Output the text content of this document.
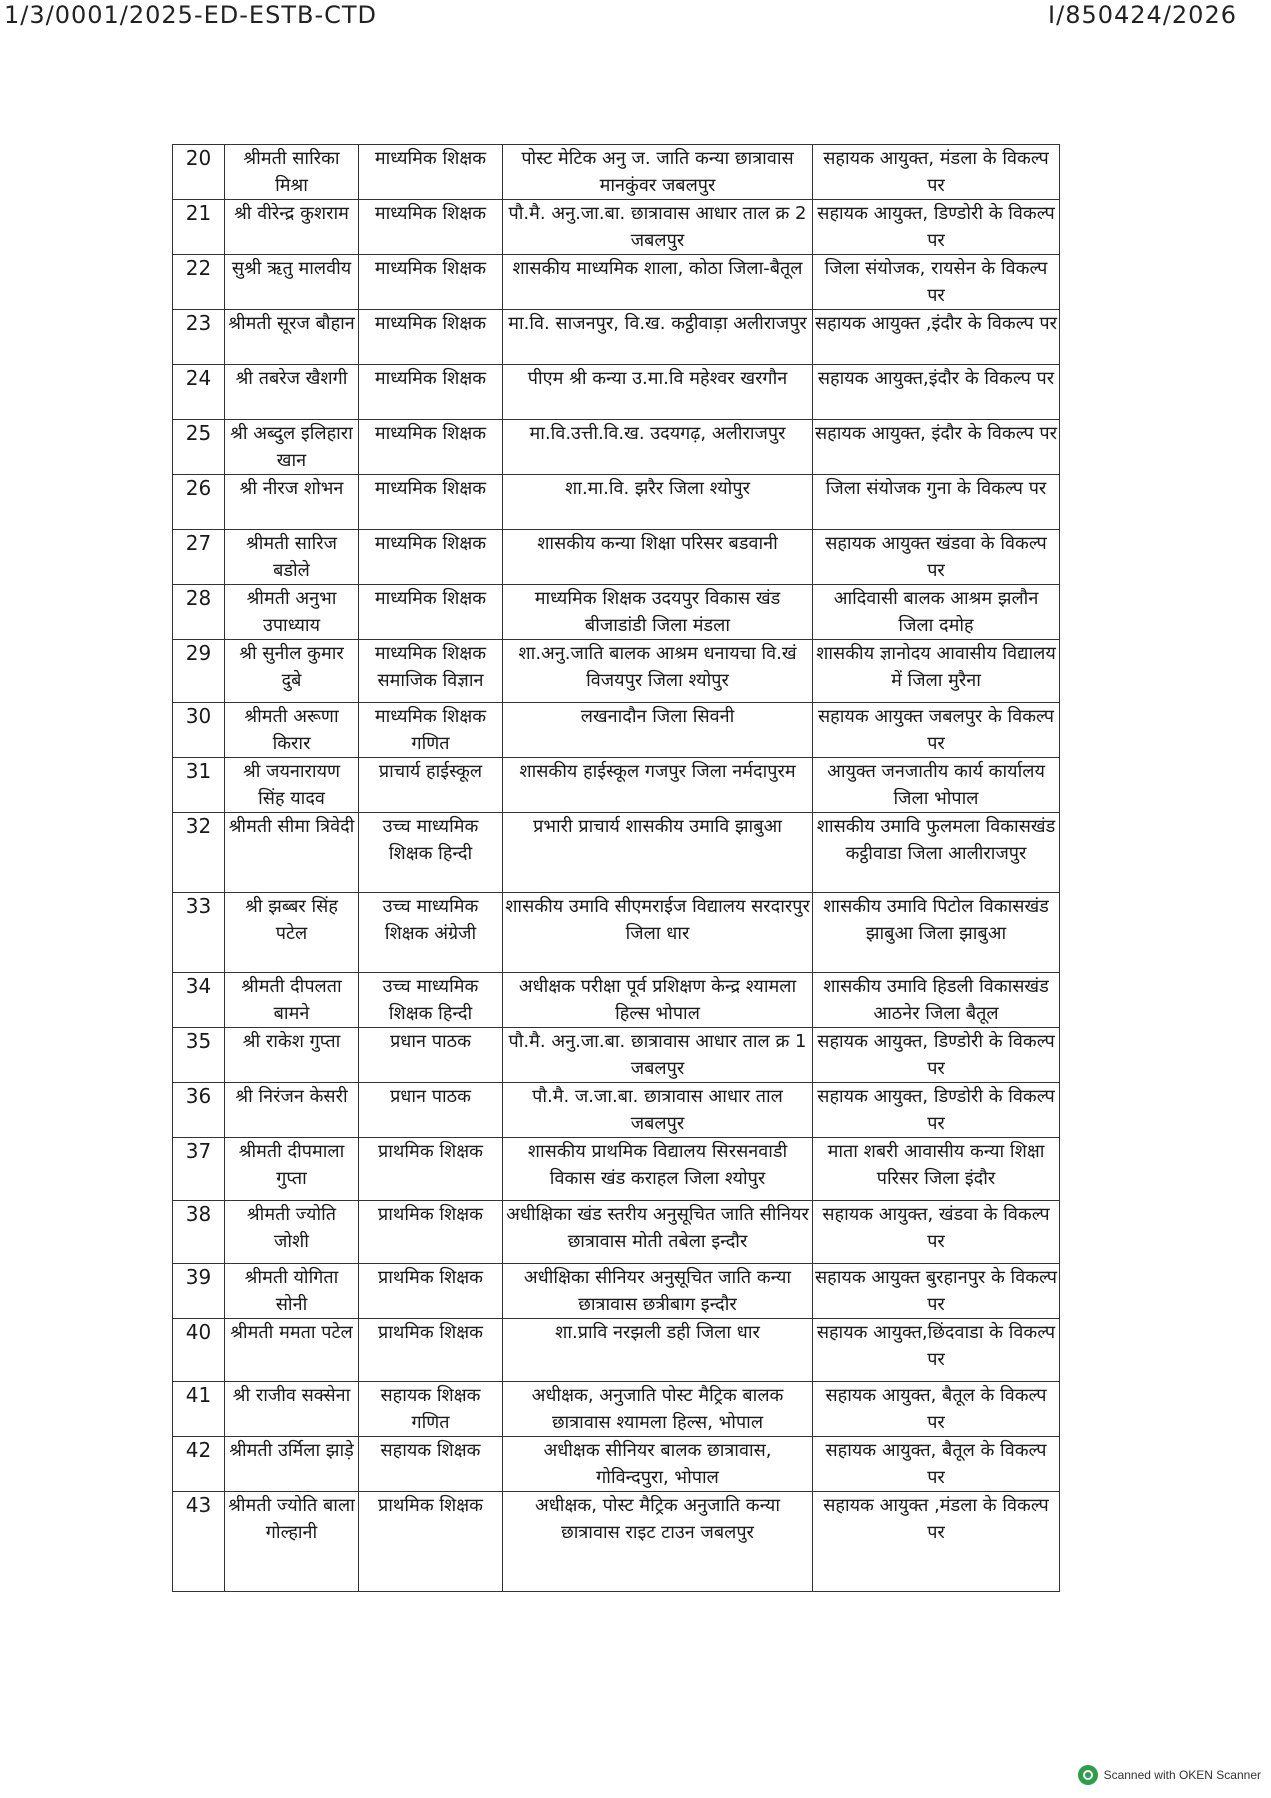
1/3/0001/2025-ED-ESTB-CTD	I/850424/2026
20	श्रीमती सारिका मिश्रा	माध्यमिक शिक्षक	पोस्ट मेटिक अनु ज. जाति कन्या छात्रावास मानकुंवर जबलपुर	सहायक आयुक्त, मंडला के विकल्प पर
21	श्री वीरेन्द्र कुशराम	माध्यमिक शिक्षक	पौ.मै. अनु.जा.बा. छात्रावास आधार ताल क्र 2 जबलपुर	सहायक आयुक्त, डिण्डोरी के विकल्प पर
22	सुश्री ऋतु मालवीय	माध्यमिक शिक्षक	शासकीय माध्यमिक शाला, कोठा जिला-बैतूल	जिला संयोजक, रायसेन के विकल्प पर
23	श्रीमती सूरज बौहान	माध्यमिक शिक्षक	मा.वि. साजनपुर, वि.ख. कट्ठीवाड़ा अलीराजपुर	सहायक आयुक्त ,इंदौर के विकल्प पर
24	श्री तबरेज खैशगी	माध्यमिक शिक्षक	पीएम श्री कन्या उ.मा.वि महेश्वर खरगौन	सहायक आयुक्त,इंदौर के विकल्प पर
25	श्री अब्दुल इलिहारा खान	माध्यमिक शिक्षक	मा.वि.उत्ती.वि.ख. उदयगढ़, अलीराजपुर	सहायक आयुक्त, इंदौर के विकल्प पर
26	श्री नीरज शोभन	माध्यमिक शिक्षक	शा.मा.वि. झरैर जिला श्योपुर	जिला संयोजक गुना के विकल्प पर
27	श्रीमती सारिज बडोले	माध्यमिक शिक्षक	शासकीय कन्या शिक्षा परिसर बडवानी	सहायक आयुक्त खंडवा के विकल्प पर
28	श्रीमती अनुभा उपाध्याय	माध्यमिक शिक्षक	माध्यमिक शिक्षक उदयपुर विकास खंड बीजाडांडी जिला मंडला	आदिवासी बालक आश्रम झलौन जिला दमोह
29	श्री सुनील कुमार दुबे	माध्यमिक शिक्षक समाजिक विज्ञान	शा.अनु.जाति बालक आश्रम धनायचा वि.खं विजयपुर जिला श्योपुर	शासकीय ज्ञानोदय आवासीय विद्यालय में जिला मुरैना
30	श्रीमती अरूणा किरार	माध्यमिक शिक्षक गणित	लखनादौन जिला सिवनी	सहायक आयुक्त जबलपुर के विकल्प पर
31	श्री जयनारायण सिंह यादव	प्राचार्य हाईस्कूल	शासकीय हाईस्कूल गजपुर जिला नर्मदापुरम	आयुक्त जनजातीय कार्य कार्यालय जिला भोपाल
32	श्रीमती सीमा त्रिवेदी	उच्च माध्यमिक शिक्षक हिन्दी	प्रभारी प्राचार्य शासकीय उमावि झाबुआ	शासकीय उमावि फुलमला विकासखंड कट्ठीवाडा जिला आलीराजपुर
33	श्री झब्बर सिंह पटेल	उच्च माध्यमिक शिक्षक अंग्रेजी	शासकीय उमावि सीएमराईज विद्यालय सरदारपुर जिला धार	शासकीय उमावि पिटोल विकासखंड झाबुआ जिला झाबुआ
34	श्रीमती दीपलता बामने	उच्च माध्यमिक शिक्षक हिन्दी	अधीक्षक परीक्षा पूर्व प्रशिक्षण केन्द्र श्यामला हिल्स भोपाल	शासकीय उमावि हिडली विकासखंड आठनेर जिला बैतूल
35	श्री राकेश गुप्ता	प्रधान पाठक	पौ.मै. अनु.जा.बा. छात्रावास आधार ताल क्र 1 जबलपुर	सहायक आयुक्त, डिण्डोरी के विकल्प पर
36	श्री निरंजन केसरी	प्रधान पाठक	पौ.मै. ज.जा.बा. छात्रावास आधार ताल जबलपुर	सहायक आयुक्त, डिण्डोरी के विकल्प पर
37	श्रीमती दीपमाला गुप्ता	प्राथमिक शिक्षक	शासकीय प्राथमिक विद्यालय सिरसनवाडी विकास खंड कराहल जिला श्योपुर	माता शबरी आवासीय कन्या शिक्षा परिसर जिला इंदौर
38	श्रीमती ज्योति जोशी	प्राथमिक शिक्षक	अधीक्षिका खंड स्तरीय अनुसूचित जाति सीनियर छात्रावास मोती तबेला इन्दौर	सहायक आयुक्त, खंडवा के विकल्प पर
39	श्रीमती योगिता सोनी	प्राथमिक शिक्षक	अधीक्षिका सीनियर अनुसूचित जाति कन्या छात्रावास छत्रीबाग इन्दौर	सहायक आयुक्त बुरहानपुर के विकल्प पर
40	श्रीमती ममता पटेल	प्राथमिक शिक्षक	शा.प्रावि नरझली डही जिला धार	सहायक आयुक्त,छिंदवाडा के विकल्प पर
41	श्री राजीव सक्सेना	सहायक शिक्षक गणित	अधीक्षक, अनुजाति पोस्ट मैट्रिक बालक छात्रावास श्यामला हिल्स, भोपाल	सहायक आयुक्त, बैतूल के विकल्प पर
42	श्रीमती उर्मिला झाड़े	सहायक शिक्षक	अधीक्षक सीनियर बालक छात्रावास, गोविन्दपुरा, भोपाल	सहायक आयुक्त, बैतूल के विकल्प पर
43	श्रीमती ज्योति बाला गोल्हानी	प्राथमिक शिक्षक	अधीक्षक, पोस्ट मैट्रिक अनुजाति कन्या छात्रावास राइट टाउन जबलपुर	सहायक आयुक्त ,मंडला के विकल्प पर
Scanned with OKEN Scanner
